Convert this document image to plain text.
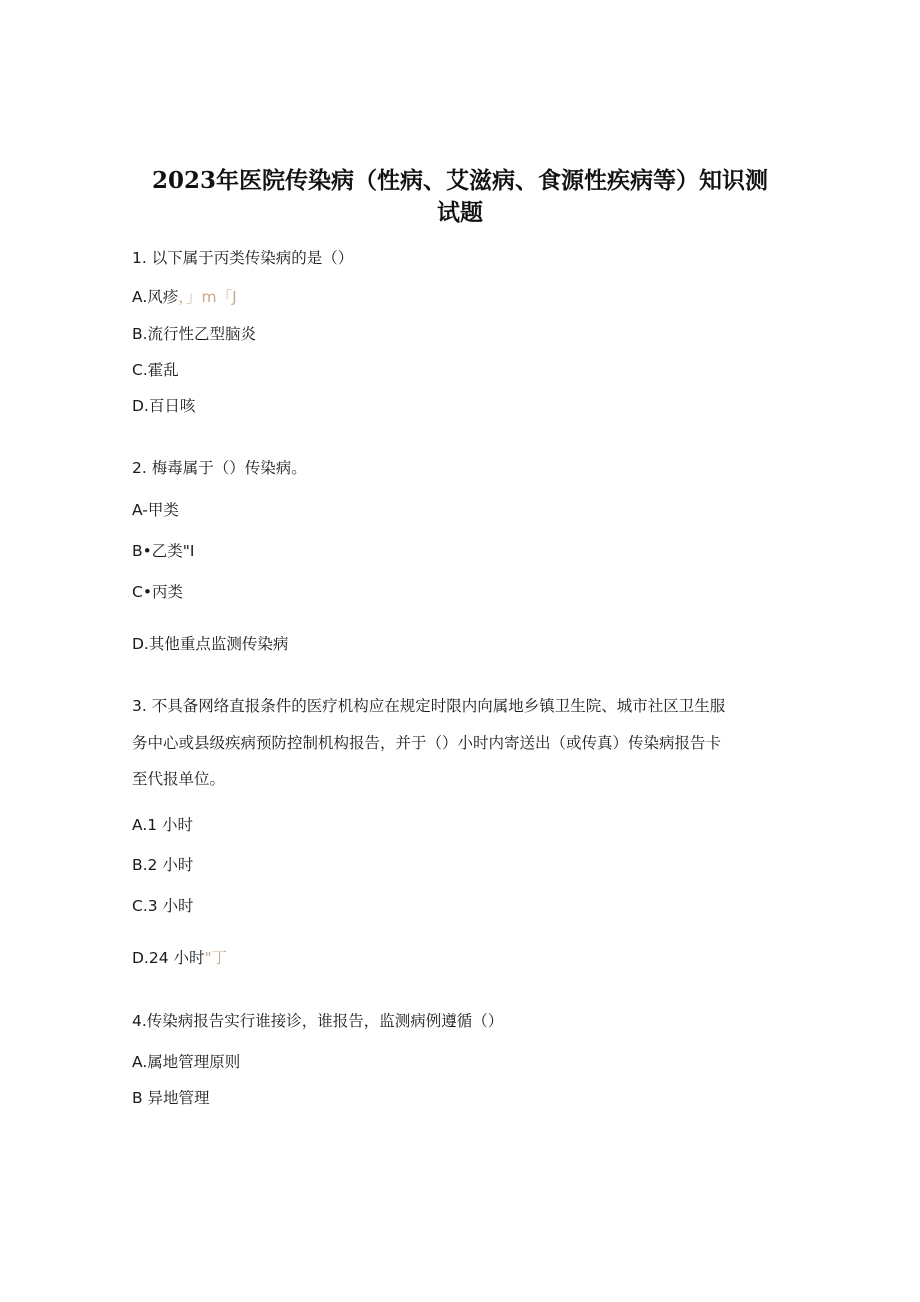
2023年医院传染病（性病、艾滋病、食源性疾病等）知识测
试题
1. 以下属于丙类传染病的是（）
A.风疹，」m「J
B.流行性乙型脑炎
C.霍乱
D.百日咳
2. 梅毒属于（）传染病。
A-甲类
B•乙类"I
C•丙类
D.其他重点监测传染病
3. 不具备网络直报条件的医疗机构应在规定时限内向属地乡镇卫生院、城市社区卫生服
务中心或县级疾病预防控制机构报告，并于（）小时内寄送出（或传真）传染病报告卡
至代报单位。
A.1 小时
B.2 小时
C.3 小时
D.24 小时"丁
4.传染病报告实行谁接诊，谁报告，监测病例遵循（）
A.属地管理原则
B 异地管理
